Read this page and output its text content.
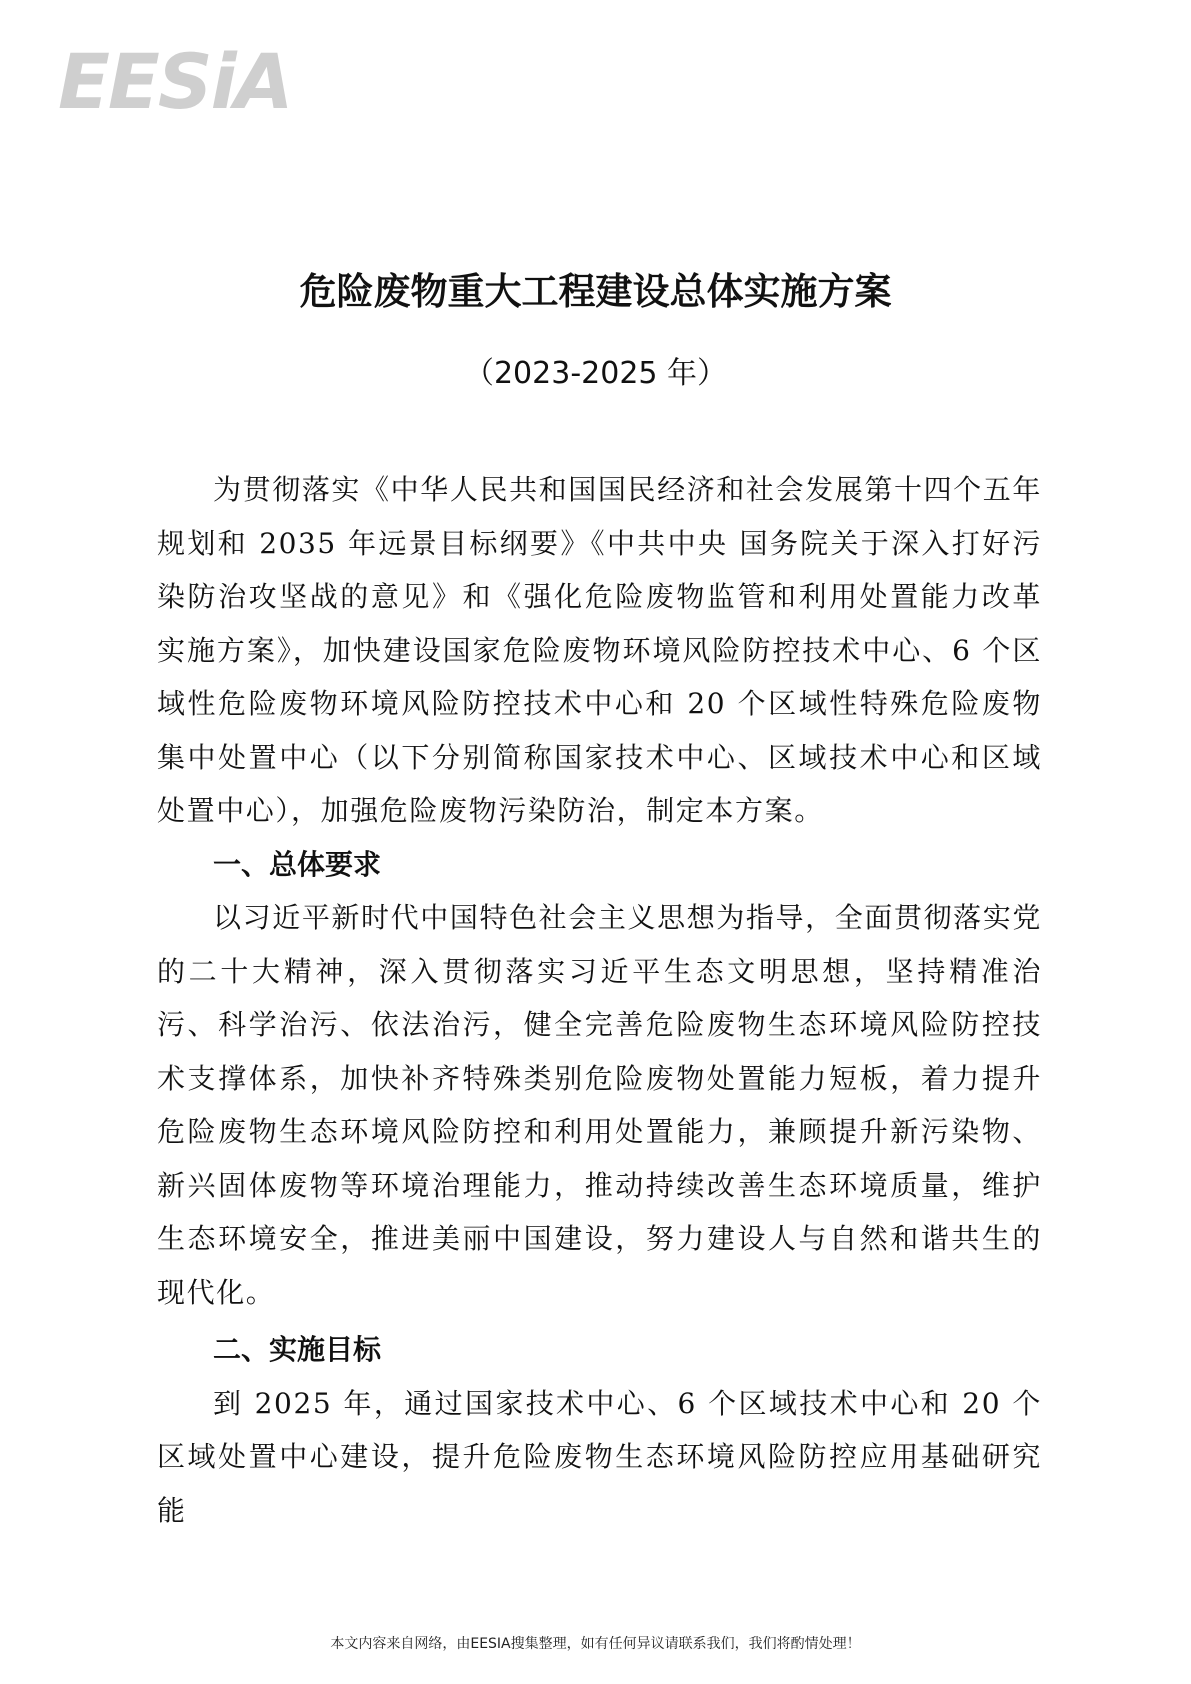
EESiA
危险废物重大工程建设总体实施方案
（2023-2025 年）

为贯彻落实《中华人民共和国国民经济和社会发展第十四个五年规划和 2035 年远景目标纲要》《中共中央 国务院关于深入打好污染防治攻坚战的意见》和《强化危险废物监管和利用处置能力改革实施方案》，加快建设国家危险废物环境风险防控技术中心、6 个区域性危险废物环境风险防控技术中心和 20 个区域性特殊危险废物集中处置中心（以下分别简称国家技术中心、区域技术中心和区域处置中心），加强危险废物污染防治，制定本方案。

一、总体要求

以习近平新时代中国特色社会主义思想为指导，全面贯彻落实党的二十大精神，深入贯彻落实习近平生态文明思想，坚持精准治污、科学治污、依法治污，健全完善危险废物生态环境风险防控技术支撑体系，加快补齐特殊类别危险废物处置能力短板，着力提升危险废物生态环境风险防控和利用处置能力，兼顾提升新污染物、新兴固体废物等环境治理能力，推动持续改善生态环境质量，维护生态环境安全，推进美丽中国建设，努力建设人与自然和谐共生的现代化。

二、实施目标

到 2025 年，通过国家技术中心、6 个区域技术中心和 20 个区域处置中心建设，提升危险废物生态环境风险防控应用基础研究能

本文内容来自网络，由EESIA搜集整理，如有任何异议请联系我们，我们将酌情处理！
